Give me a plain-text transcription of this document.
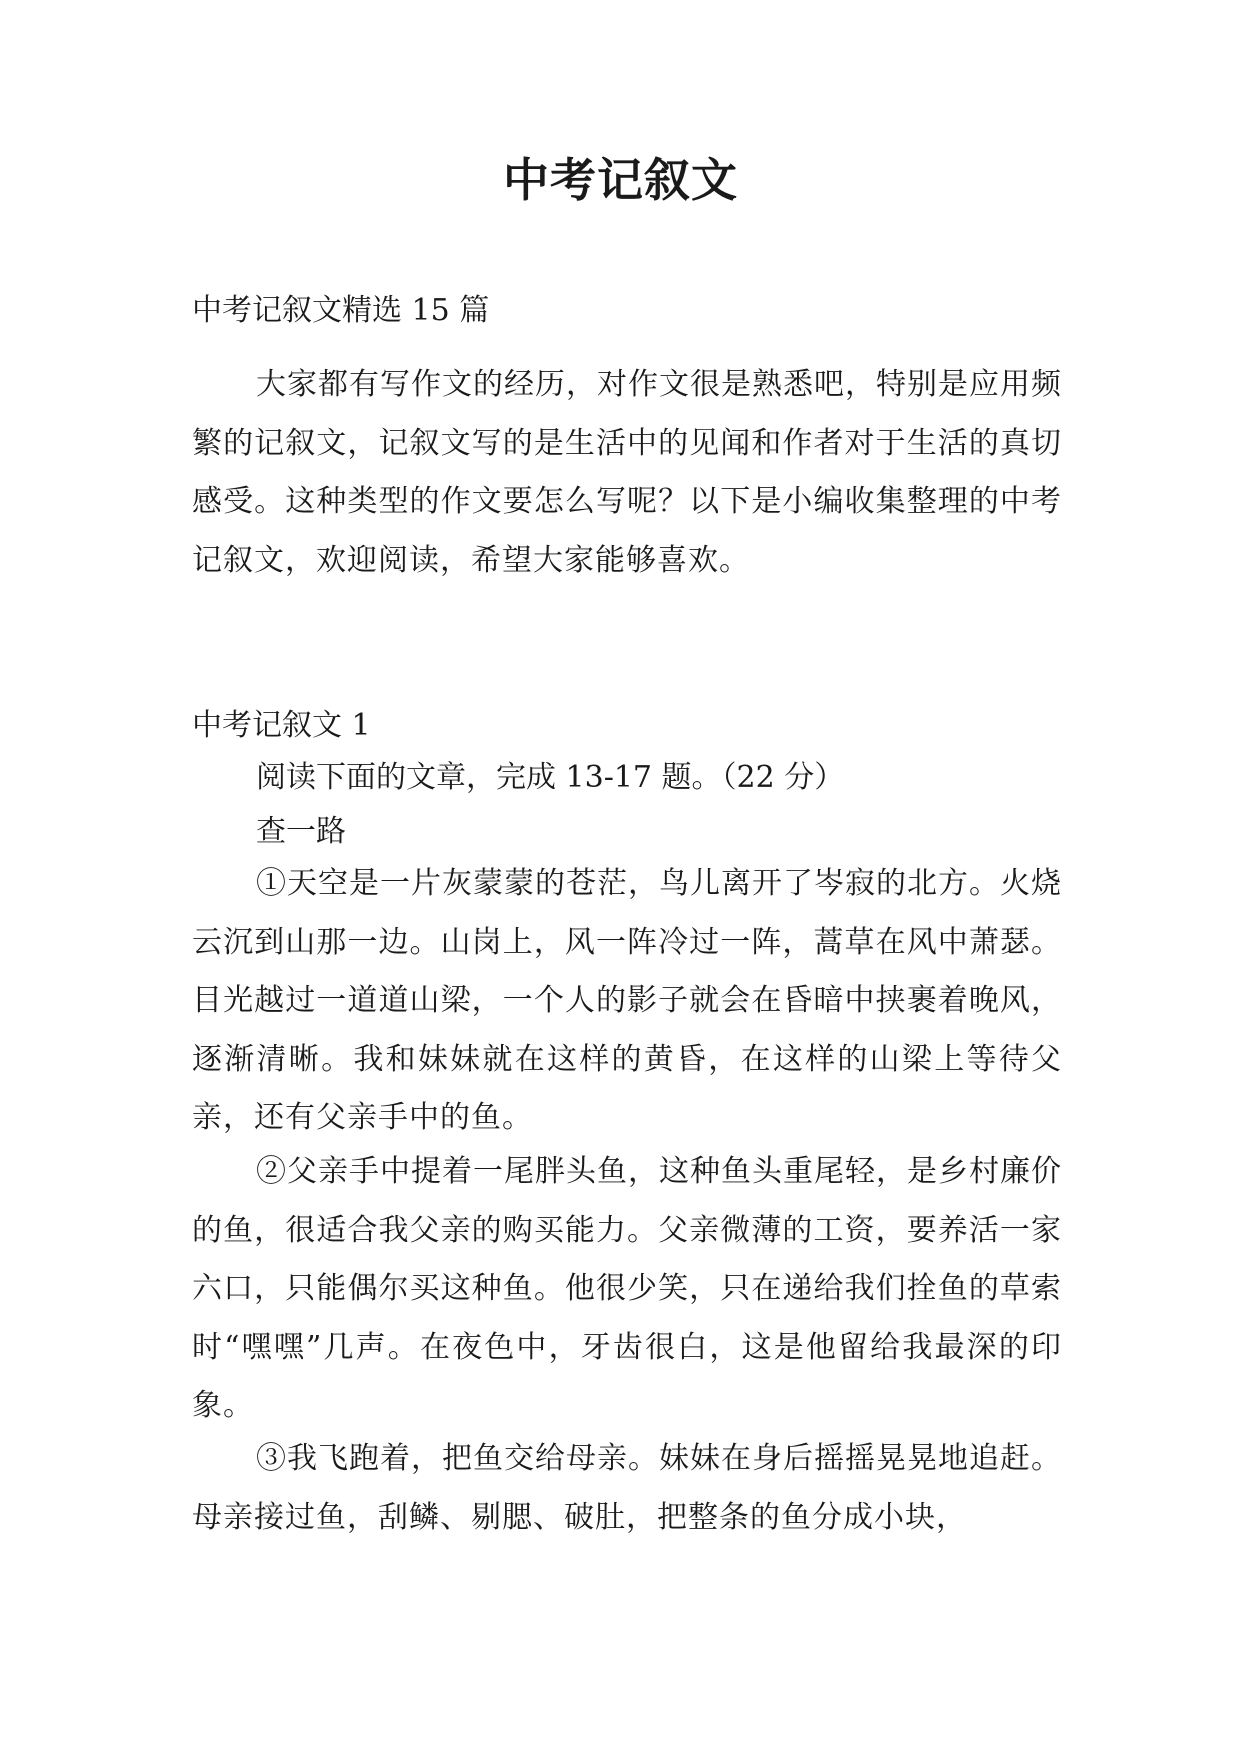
中考记叙文
中考记叙文精选 15 篇

大家都有写作文的经历，对作文很是熟悉吧，特别是应用频繁的记叙文，记叙文写的是生活中的见闻和作者对于生活的真切感受。这种类型的作文要怎么写呢？以下是小编收集整理的中考记叙文，欢迎阅读，希望大家能够喜欢。

中考记叙文 1
阅读下面的文章，完成 13-17 题。（22 分）
查一路

①天空是一片灰蒙蒙的苍茫，鸟儿离开了岑寂的北方。火烧云沉到山那一边。山岗上，风一阵冷过一阵，蒿草在风中萧瑟。目光越过一道道山梁，一个人的影子就会在昏暗中挟裹着晚风，逐渐清晰。我和妹妹就在这样的黄昏，在这样的山梁上等待父亲，还有父亲手中的鱼。

②父亲手中提着一尾胖头鱼，这种鱼头重尾轻，是乡村廉价的鱼，很适合我父亲的购买能力。父亲微薄的工资，要养活一家六口，只能偶尔买这种鱼。他很少笑，只在递给我们拴鱼的草索时“嘿嘿”几声。在夜色中，牙齿很白，这是他留给我最深的印象。

③我飞跑着，把鱼交给母亲。妹妹在身后摇摇晃晃地追赶。母亲接过鱼，刮鳞、剔腮、破肚，把整条的鱼分成小块，
